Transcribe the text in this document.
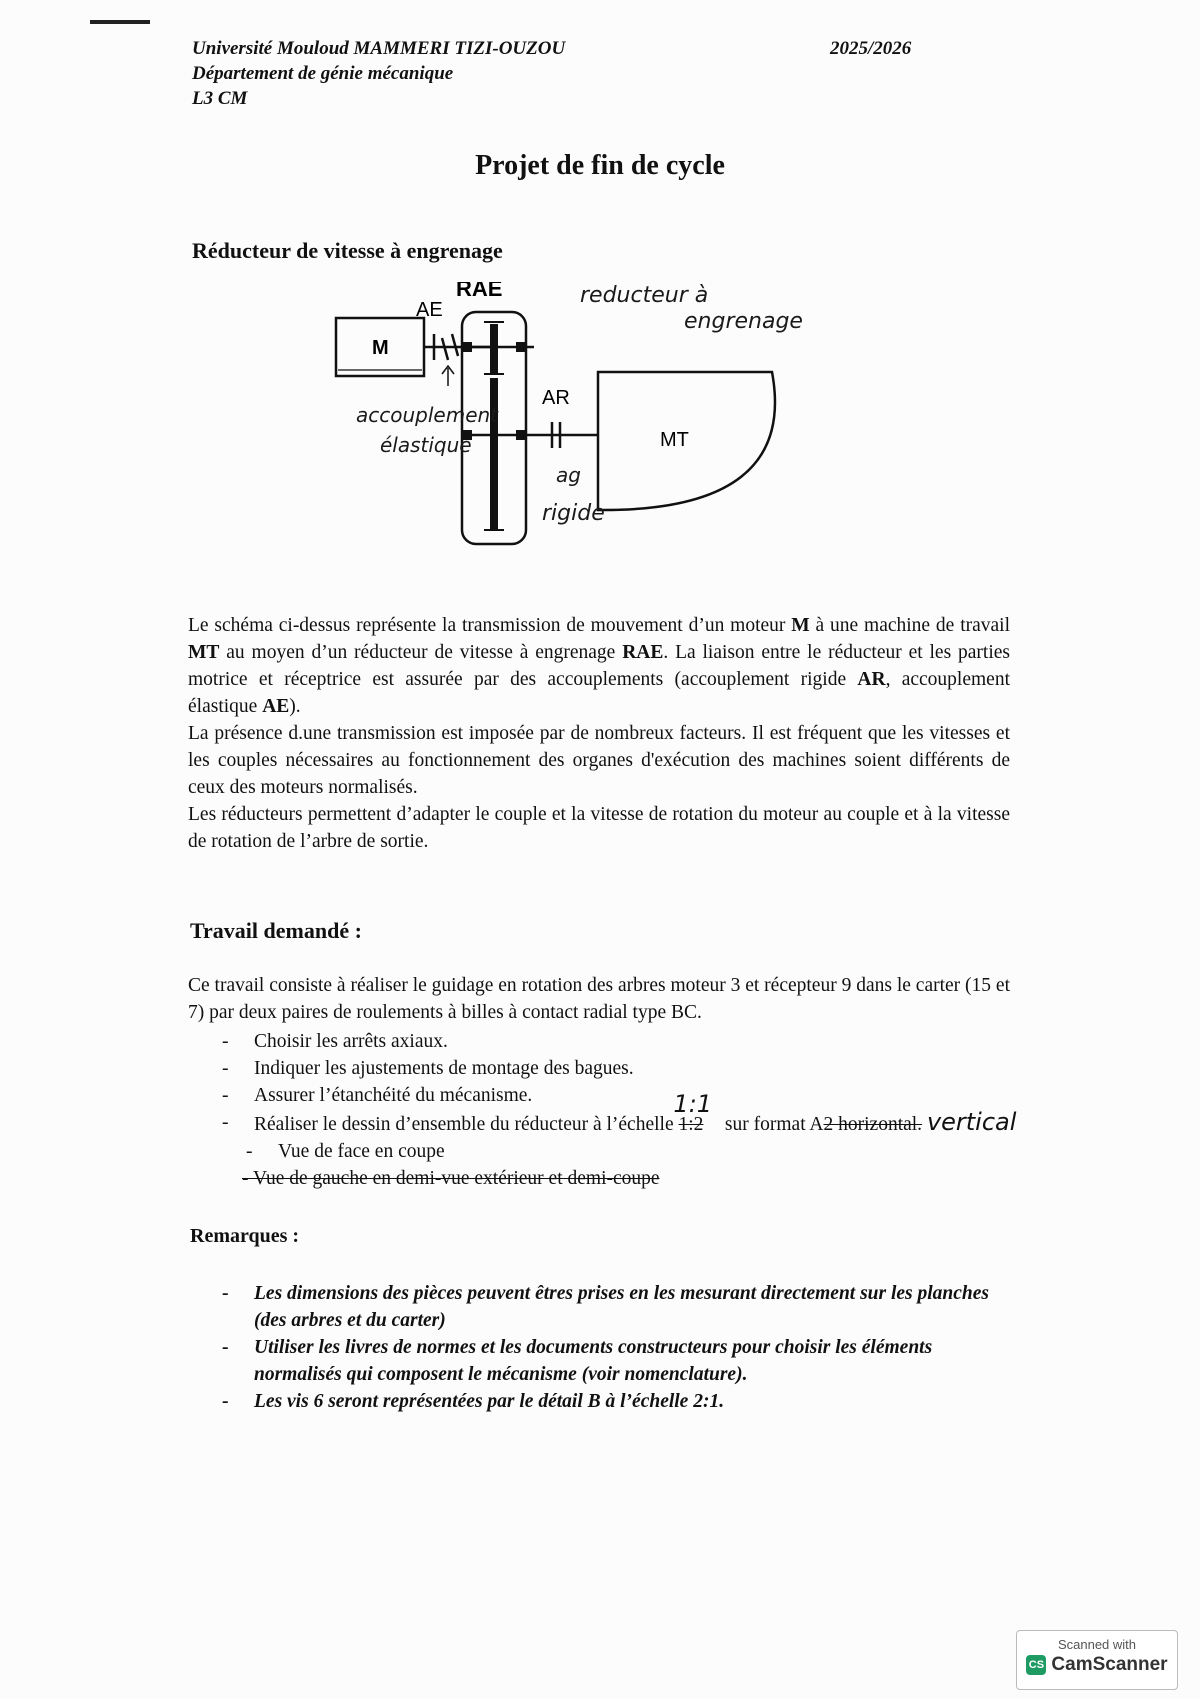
Université Mouloud MAMMERI TIZI-OUZOU
Département de génie mécanique
L3 CM
2025/2026
Projet de fin de cycle
Réducteur de vitesse à engrenage
M
AE
RAE
AR
MT
reducteur à
engrenage
accouplement
élastique
ag
rigide

Le schéma ci-dessus représente la transmission de mouvement d’un moteur M à une machine de travail MT au moyen d’un réducteur de vitesse à engrenage RAE. La liaison entre le réducteur et les parties motrice et réceptrice est assurée par des accouplements (accouplement rigide AR, accouplement élastique AE).

La présence d.une transmission est imposée par de nombreux facteurs. Il est fréquent que les vitesses et les couples nécessaires au fonctionnement des organes d'exécution des machines soient différents de ceux des moteurs normalisés.

Les réducteurs permettent d’adapter le couple et la vitesse de rotation du moteur au couple et à la vitesse de rotation de l’arbre de sortie.

Travail demandé :
Ce travail consiste à réaliser le guidage en rotation des arbres moteur 3 et récepteur 9 dans le carter (15 et 7) par deux paires de roulements à billes à contact radial type BC.
- Choisir les arrêts axiaux.
- Indiquer les ajustements de montage des bagues.
- Assurer l’étanchéité du mécanisme.
- Réaliser le dessin d’ensemble du réducteur à l’échelle 1:21:1 sur format A2 horizontal. vertical
- Vue de face en coupe
- Vue de gauche en demi-vue extérieur et demi-coupe
Remarques :
- Les dimensions des pièces peuvent êtres prises en les mesurant directement sur les planches (des arbres et du carter)
- Utiliser les livres de normes et les documents constructeurs pour choisir les éléments normalisés qui composent le mécanisme (voir nomenclature).
- Les vis 6 seront représentées par le détail B à l’échelle 2:1.
Scanned with
CS CamScanner
